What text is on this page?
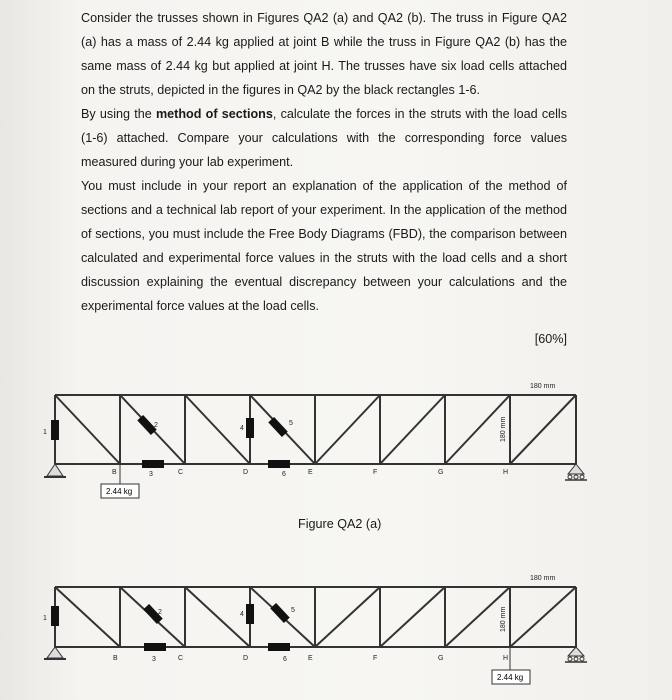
Consider the trusses shown in Figures QA2 (a) and QA2 (b). The truss in Figure QA2 (a) has a mass of 2.44 kg applied at joint B while the truss in Figure QA2 (b) has the same mass of 2.44 kg but applied at joint H. The trusses have six load cells attached on the struts, depicted in the figures in QA2 by the black rectangles 1-6.

By using the method of sections, calculate the forces in the struts with the load cells (1-6) attached. Compare your calculations with the corresponding force values measured during your lab experiment.

You must include in your report an explanation of the application of the method of sections and a technical lab report of your experiment. In the application of the method of sections, you must include the Free Body Diagrams (FBD), the comparison between calculated and experimental force values in the struts with the load cells and a short discussion explaining the eventual discrepancy between your calculations and the experimental force values at the load cells.

[60%]
1
2
3
4
5
6
B	C	D	E	F	G	H
180 mm
180 mm
2.44 kg
Figure QA2 (a)
1
2
3
4
5
6
B	C	D	E	F	G	H
180 mm
180 mm
2.44 kg
